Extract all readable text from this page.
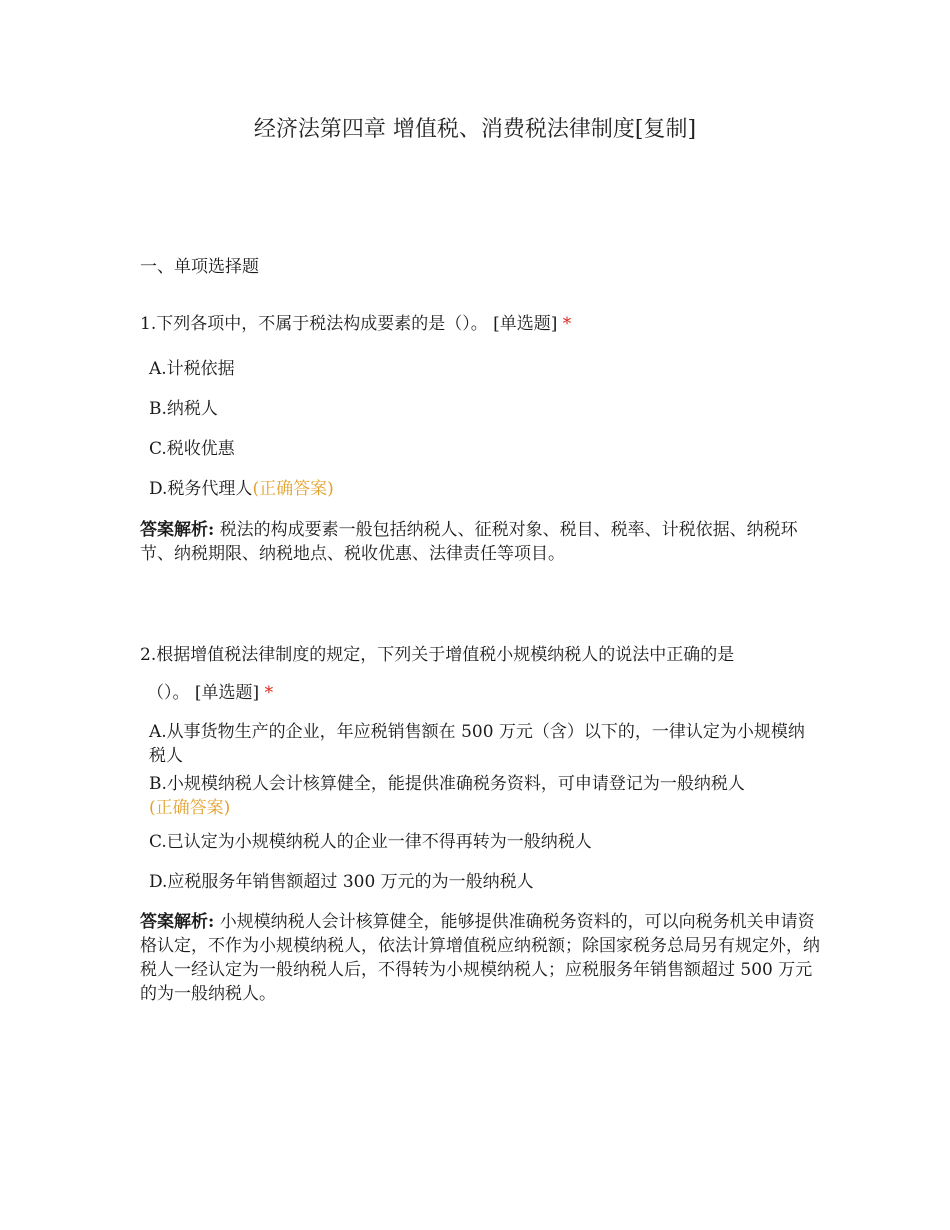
经济法第四章 增值税、消费税法律制度[复制]
一、单项选择题
1.下列各项中，不属于税法构成要素的是（）。 [单选题] *
A.计税依据
B.纳税人
C.税收优惠
D.税务代理人(正确答案)
答案解析: 税法的构成要素一般包括纳税人、征税对象、税目、税率、计税依据、纳税环节、纳税期限、纳税地点、税收优惠、法律责任等项目。
2.根据增值税法律制度的规定，下列关于增值税小规模纳税人的说法中正确的是
（）。 [单选题] *
A.从事货物生产的企业，年应税销售额在 500 万元（含）以下的，一律认定为小规模纳税人
B.小规模纳税人会计核算健全，能提供准确税务资料，可申请登记为一般纳税人
(正确答案)
C.已认定为小规模纳税人的企业一律不得再转为一般纳税人
D.应税服务年销售额超过 300 万元的为一般纳税人
答案解析: 小规模纳税人会计核算健全，能够提供准确税务资料的，可以向税务机关申请资格认定，不作为小规模纳税人，依法计算增值税应纳税额；除国家税务总局另有规定外，纳税人一经认定为一般纳税人后，不得转为小规模纳税人；应税服务年销售额超过 500 万元的为一般纳税人。
